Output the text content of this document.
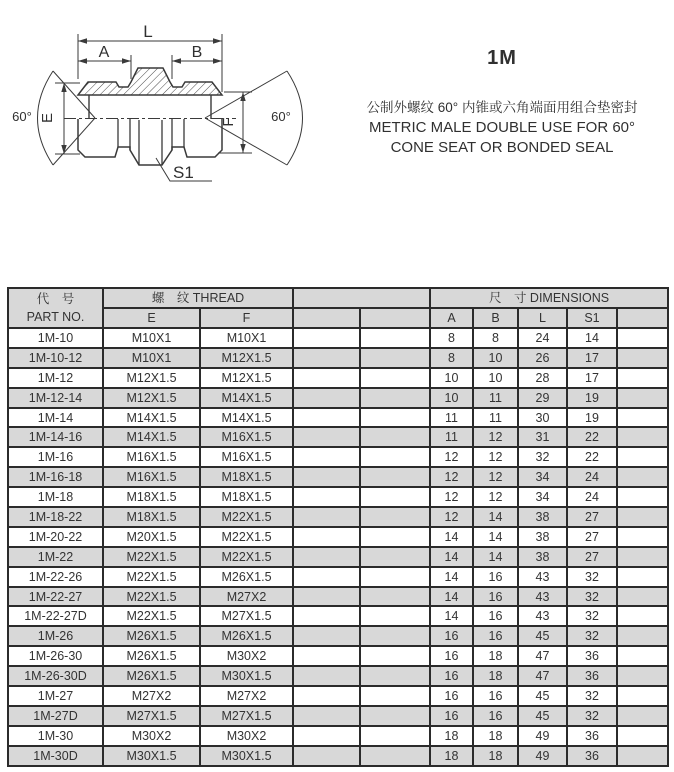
L
A	B
E	F
60°	60°
S1

1M

公制外螺纹 60° 内锥或六角端面用组合垫密封

METRIC MALE DOUBLE USE FOR 60°

CONE SEAT OR BONDED SEAL

代　号
PART NO.	螺　纹 THREAD				尺　寸 DIMENSIONS				
	E	F			A	B	L	S1	
1M-10	M10X1	M10X1			8	8	24	14	
1M-10-12	M10X1	M12X1.5			8	10	26	17	
1M-12	M12X1.5	M12X1.5			10	10	28	17	
1M-12-14	M12X1.5	M14X1.5			10	11	29	19	
1M-14	M14X1.5	M14X1.5			11	11	30	19	
1M-14-16	M14X1.5	M16X1.5			11	12	31	22	
1M-16	M16X1.5	M16X1.5			12	12	32	22	
1M-16-18	M16X1.5	M18X1.5			12	12	34	24	
1M-18	M18X1.5	M18X1.5			12	12	34	24	
1M-18-22	M18X1.5	M22X1.5			12	14	38	27	
1M-20-22	M20X1.5	M22X1.5			14	14	38	27	
1M-22	M22X1.5	M22X1.5			14	14	38	27	
1M-22-26	M22X1.5	M26X1.5			14	16	43	32	
1M-22-27	M22X1.5	M27X2			14	16	43	32	
1M-22-27D	M22X1.5	M27X1.5			14	16	43	32	
1M-26	M26X1.5	M26X1.5			16	16	45	32	
1M-26-30	M26X1.5	M30X2			16	18	47	36	
1M-26-30D	M26X1.5	M30X1.5			16	18	47	36	
1M-27	M27X2	M27X2			16	16	45	32	
1M-27D	M27X1.5	M27X1.5			16	16	45	32	
1M-30	M30X2	M30X2			18	18	49	36	
1M-30D	M30X1.5	M30X1.5			18	18	49	36	
